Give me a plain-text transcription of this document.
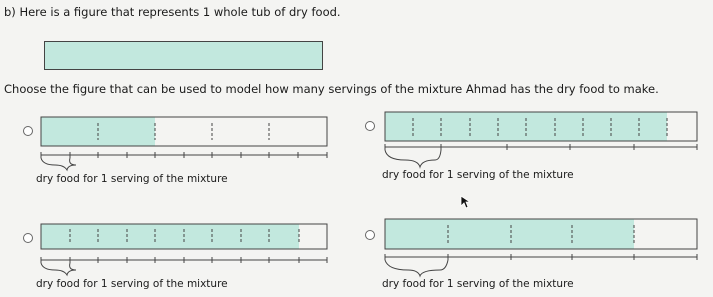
b) Here is a figure that represents 1 whole tub of dry food.
Choose the figure that can be used to model how many servings of the mixture Ahmad has the dry food to make.
dry food for 1 serving of the mixture	dry food for 1 serving of the mixture
dry food for 1 serving of the mixture	dry food for 1 serving of the mixture
